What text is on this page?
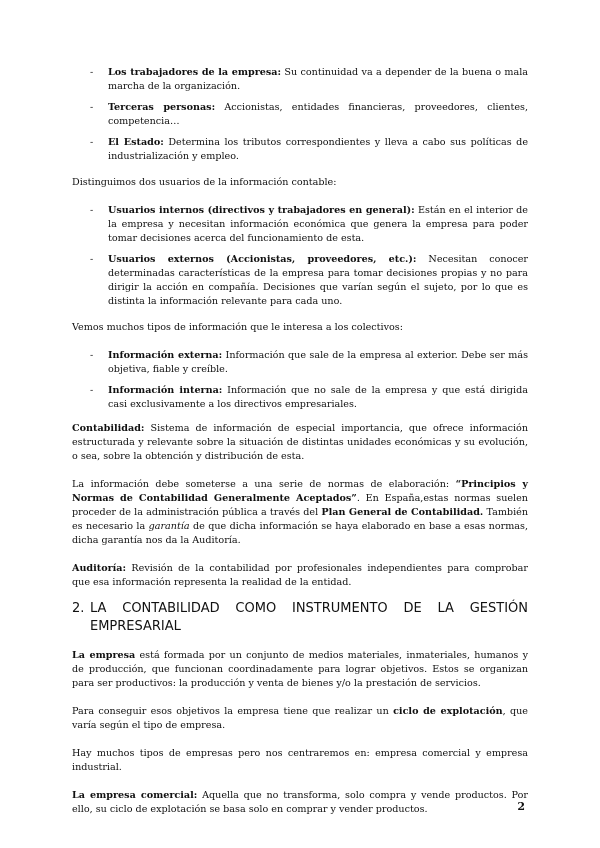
- Los trabajadores de la empresa: Su continuidad va a depender de la buena o mala marcha de la organización.
- Terceras personas: Accionistas, entidades financieras, proveedores, clientes, competencia…
- El Estado: Determina los tributos correspondientes y lleva a cabo sus políticas de industrialización y empleo.

Distinguimos dos usuarios de la información contable:

- Usuarios internos (directivos y trabajadores en general): Están en el interior de la empresa y necesitan información económica que genera la empresa para poder tomar decisiones acerca del funcionamiento de esta.
- Usuarios externos (Accionistas, proveedores, etc.): Necesitan conocer determinadas características de la empresa para tomar decisiones propias y no para dirigir la acción en compañía. Decisiones que varían según el sujeto, por lo que es distinta la información relevante para cada uno.

Vemos muchos tipos de información que le interesa a los colectivos:

- Información externa: Información que sale de la empresa al exterior. Debe ser más objetiva, fiable y creíble.
- Información interna: Información que no sale de la empresa y que está dirigida casi exclusivamente a los directivos empresariales.

Contabilidad: Sistema de información de especial importancia, que ofrece información estructurada y relevante sobre la situación de distintas unidades económicas y su evolución, o sea, sobre la obtención y distribución de esta.

La información debe someterse a una serie de normas de elaboración: “Principios y Normas de Contabilidad Generalmente Aceptados”. En España,estas normas suelen proceder de la administración pública a través del Plan General de Contabilidad. También es necesario la garantía de que dicha información se haya elaborado en base a esas normas, dicha garantía nos da la Auditoría.

Auditoría: Revisión de la contabilidad por profesionales independientes para comprobar que esa información representa la realidad de la entidad.

2. LA CONTABILIDAD COMO INSTRUMENTO DE LA GESTIÓN EMPRESARIAL

La empresa está formada por un conjunto de medios materiales, inmateriales, humanos y de producción, que funcionan coordinadamente para lograr objetivos. Estos se organizan para ser productivos: la producción y venta de bienes y/o la prestación de servicios.

Para conseguir esos objetivos la empresa tiene que realizar un ciclo de explotación, que varía según el tipo de empresa.

Hay muchos tipos de empresas pero nos centraremos en: empresa comercial y empresa industrial.

La empresa comercial: Aquella que no transforma, solo compra y vende productos. Por ello, su ciclo de explotación se basa solo en comprar y vender productos.	2
